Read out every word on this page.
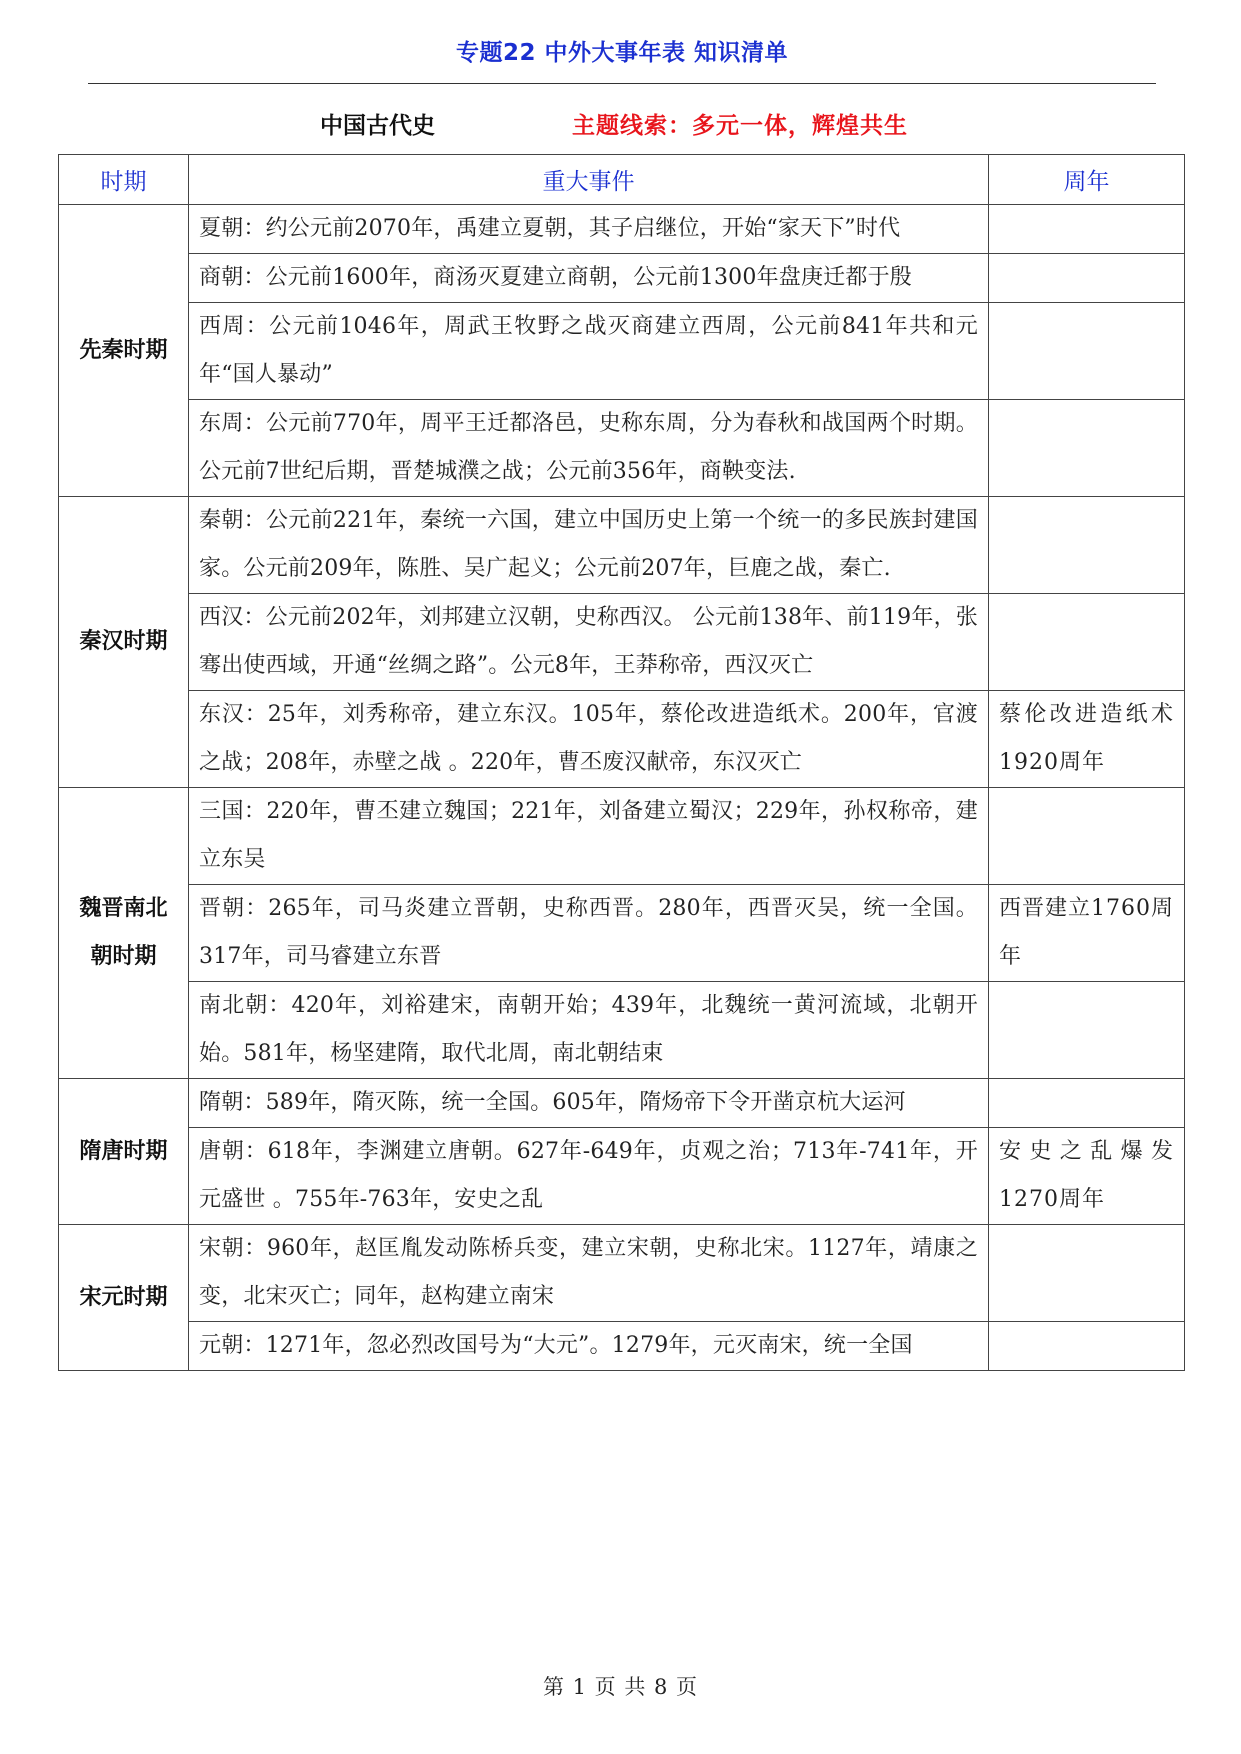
专题22 中外大事年表 知识清单
中国古代史	主题线索：多元一体，辉煌共生
时期	重大事件	周年
先秦时期	夏朝：约公元前2070年，禹建立夏朝，其子启继位，开始“家天下”时代	
	商朝：公元前1600年，商汤灭夏建立商朝，公元前1300年盘庚迁都于殷	
	西周：公元前1046年，周武王牧野之战灭商建立西周，公元前841年共和元年“国人暴动”	
	东周：公元前770年，周平王迁都洛邑，史称东周，分为春秋和战国两个时期。公元前7世纪后期，晋楚城濮之战；公元前356年，商鞅变法.	
秦汉时期	秦朝：公元前221年，秦统一六国，建立中国历史上第一个统一的多民族封建国家。公元前209年，陈胜、吴广起义；公元前207年，巨鹿之战，秦亡.	
	西汉：公元前202年，刘邦建立汉朝，史称西汉。 公元前138年、前119年，张骞出使西域，开通“丝绸之路”。公元8年，王莽称帝，西汉灭亡	
	东汉：25年，刘秀称帝，建立东汉。105年，蔡伦改进造纸术。200年，官渡之战；208年，赤壁之战 。220年，曹丕废汉献帝，东汉灭亡	蔡伦改进造纸术1920周年
魏晋南北朝时期	三国：220年，曹丕建立魏国；221年，刘备建立蜀汉；229年，孙权称帝，建立东吴	
	晋朝：265年，司马炎建立晋朝，史称西晋。280年，西晋灭吴，统一全国。317年，司马睿建立东晋	西晋建立1760周年
	南北朝：420年，刘裕建宋，南朝开始；439年，北魏统一黄河流域，北朝开始。581年，杨坚建隋，取代北周，南北朝结束	
隋唐时期	隋朝：589年，隋灭陈，统一全国。605年，隋炀帝下令开凿京杭大运河	
	唐朝：618年，李渊建立唐朝。627年-649年，贞观之治；713年-741年，开元盛世 。755年-763年，安史之乱	安史之乱爆发1270周年
宋元时期	宋朝：960年，赵匡胤发动陈桥兵变，建立宋朝，史称北宋。1127年，靖康之变，北宋灭亡；同年，赵构建立南宋	
	元朝：1271年，忽必烈改国号为“大元”。1279年，元灭南宋，统一全国	
第 1 页 共 8 页
